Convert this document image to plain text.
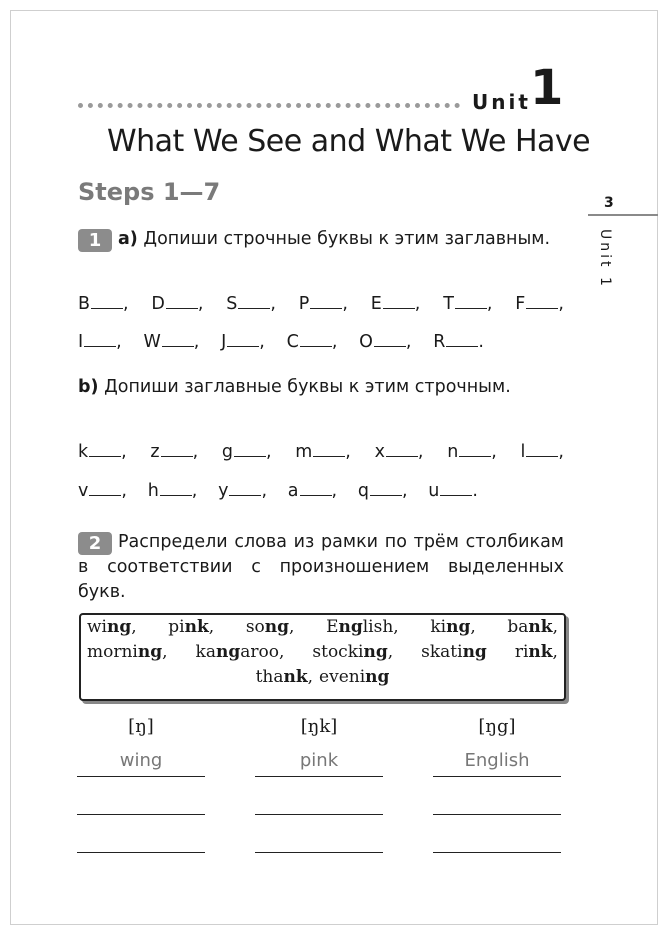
Unit 1
What We See and What We Have
Steps 1—7	3
Unit 1
1 a) Допиши строчные буквы к этим заглавным.
B , D , S , P , E , T , F ,
I , W , J , C , O , R .
b) Допиши заглавные буквы к этим строчным.
k , z , g , m , x , n , l ,
v , h , y , a , q , u .
2 Распредели слова из рамки по трём столбикам в соответствии с произношением выделенных букв.
wing, pink, song, English, king, bank,
morning, kangaroo, stocking, skating rink,
thank, evening
[ŋ]	[ŋk]	[ŋg]
wing	pink	English
